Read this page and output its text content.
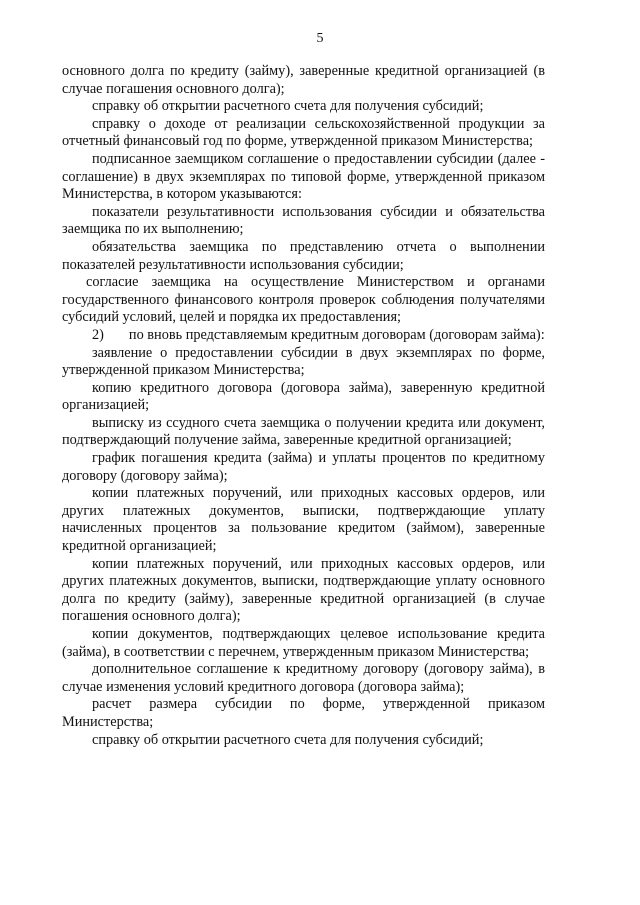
5

основного долга по кредиту (займу), заверенные кредитной организацией (в случае погашения основного долга);

справку об открытии расчетного счета для получения субсидий;

справку о доходе от реализации сельскохозяйственной продукции за отчетный финансовый год по форме, утвержденной приказом Министерства;

подписанное заемщиком соглашение о предоставлении субсидии (далее - соглашение) в двух экземплярах по типовой форме, утвержденной приказом Министерства, в котором указываются:

показатели результативности использования субсидии и обязательства заемщика по их выполнению;

обязательства заемщика по представлению отчета о выполнении показателей результативности использования субсидии;

согласие заемщика на осуществление Министерством и органами государственного финансового контроля проверок соблюдения получателями субсидий условий, целей и порядка их предоставления;

2)       по вновь представляемым кредитным договорам (договорам займа):

заявление о предоставлении субсидии в двух экземплярах по форме, утвержденной приказом Министерства;

копию кредитного договора (договора займа), заверенную кредитной организацией;

выписку из ссудного счета заемщика о получении кредита или документ, подтверждающий получение займа, заверенные кредитной организацией;

график погашения кредита (займа) и уплаты процентов по кредитному договору (договору займа);

копии платежных поручений, или приходных кассовых ордеров, или других платежных документов, выписки, подтверждающие уплату начисленных процентов за пользование кредитом (займом), заверенные кредитной организацией;

копии платежных поручений, или приходных кассовых ордеров, или других платежных документов, выписки, подтверждающие уплату основного долга по кредиту (займу), заверенные кредитной организацией (в случае погашения основного долга);

копии документов, подтверждающих целевое использование кредита (займа), в соответствии с перечнем, утвержденным приказом Министерства;

дополнительное соглашение к кредитному договору (договору займа), в случае изменения условий кредитного договора (договора займа);

расчет размера субсидии по форме, утвержденной приказом Министерства;

справку об открытии расчетного счета для получения субсидий;
